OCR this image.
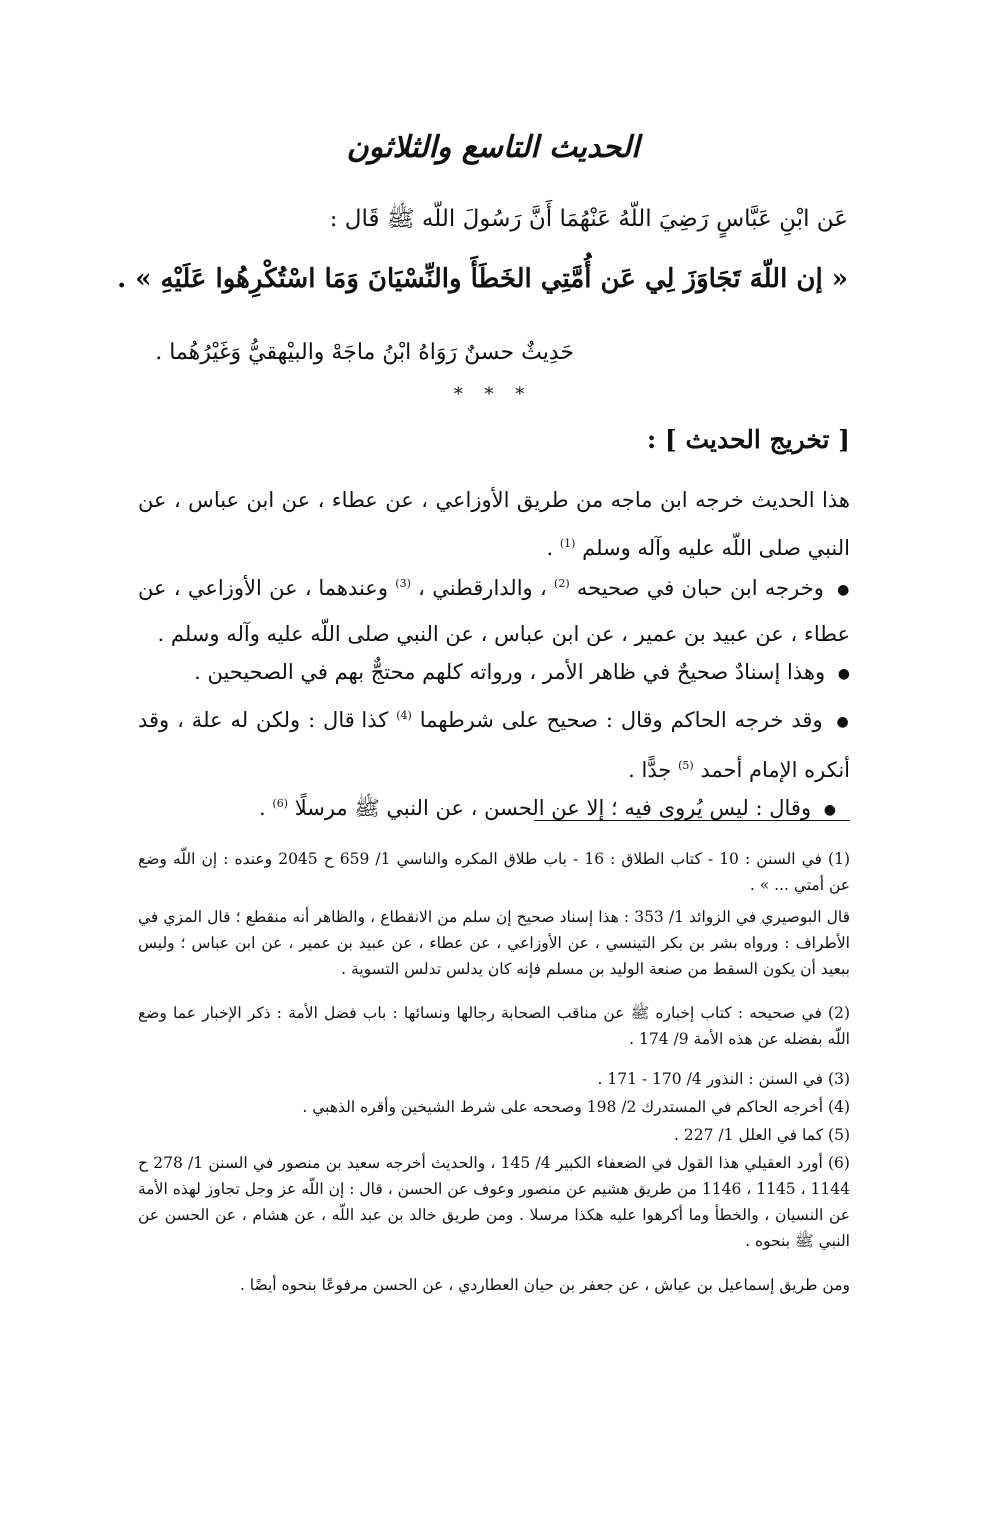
الحديث التاسع والثلاثون
عَن ابْنِ عَبَّاسٍ رَضِيَ اللّهُ عَنْهُمَا أَنَّ رَسُولَ اللّه ﷺ قَال :
« إن اللّهَ تَجَاوَزَ لِي عَن أُمَّتِي الخَطَأَ والنِّسْيَانَ وَمَا اسْتُكْرِهُوا عَلَيْهِ » .
حَدِيثٌ حسنٌ رَوَاهُ ابْنُ ماجَهْ والبيْهقيُّ وَغَيْرُهُما .
* * *
[ تخريج الحديث ] :
هذا الحديث خرجه ابن ماجه من طريق الأوزاعي ، عن عطاء ، عن ابن عباس ، عن النبي صلى اللّه عليه وآله وسلم $^{(1)}$ .
● وخرجه ابن حبان في صحيحه $^{(2)}$ ، والدارقطني ، $^{(3)}$ وعندهما ، عن الأوزاعي ، عن عطاء ، عن عبيد بن عمير ، عن ابن عباس ، عن النبي صلى اللّه عليه وآله وسلم .
● وهذا إسنادٌ صحيحٌ في ظاهر الأمر ، ورواته كلهم محتجٌّ بهم في الصحيحين .
● وقد خرجه الحاكم وقال : صحيح على شرطهما $^{(4)}$ كذا قال : ولكن له علة ، وقد أنكره الإمام أحمد $^{(5)}$ جدًّا .
● وقال : ليس يُروى فيه ؛ إلا عن الحسن ، عن النبي ﷺ مرسلًا $^{(6)}$ .
(1) في السنن : 10 - كتاب الطلاق : 16 - باب طلاق المكره والناسي 1/ 659 ح 2045 وعنده : إن اللّه وضع عن أمتي ... » .
قال البوصيري في الزوائد 1/ 353 : هذا إسناد صحيح إن سلم من الانقطاع ، والظاهر أنه منقطع ؛ قال المزي في الأطراف : ورواه بشر بن بكر التينسي ، عن الأوزاعي ، عن عطاء ، عن عبيد بن عمير ، عن ابن عباس ؛ وليس ببعيد أن يكون السقط من صنعة الوليد بن مسلم فإنه كان يدلس تدلس التسوية .
(2) في صحيحه : كتاب إخباره ﷺ عن مناقب الصحابة رجالها ونسائها : باب فضل الأمة : ذكر الإخبار عما وضع اللّه بفضله عن هذه الأمة 9/ 174 .
(3) في السنن : النذور 4/ 170 - 171 .
(4) أخرجه الحاكم في المستدرك 2/ 198 وصححه على شرط الشيخين وأقره الذهبي .
(5) كما في العلل 1/ 227 .
(6) أورد العقيلي هذا القول في الضعفاء الكبير 4/ 145 ، والحديث أخرجه سعيد بن منصور في السنن 1/ 278 ح 1144 ، 1145 ، 1146 من طريق هشيم عن منصور وعوف عن الحسن ، قال : إن اللّه عز وجل تجاوز لهذه الأمة عن النسيان ، والخطأ وما أكرهوا عليه هكذا مرسلا . ومن طريق خالد بن عبد اللّه ، عن هشام ، عن الحسن عن النبي ﷺ بنحوه .
ومن طريق إسماعيل بن عياش ، عن جعفر بن حيان العطاردي ، عن الحسن مرفوعًا بنحوه أيضًا .
